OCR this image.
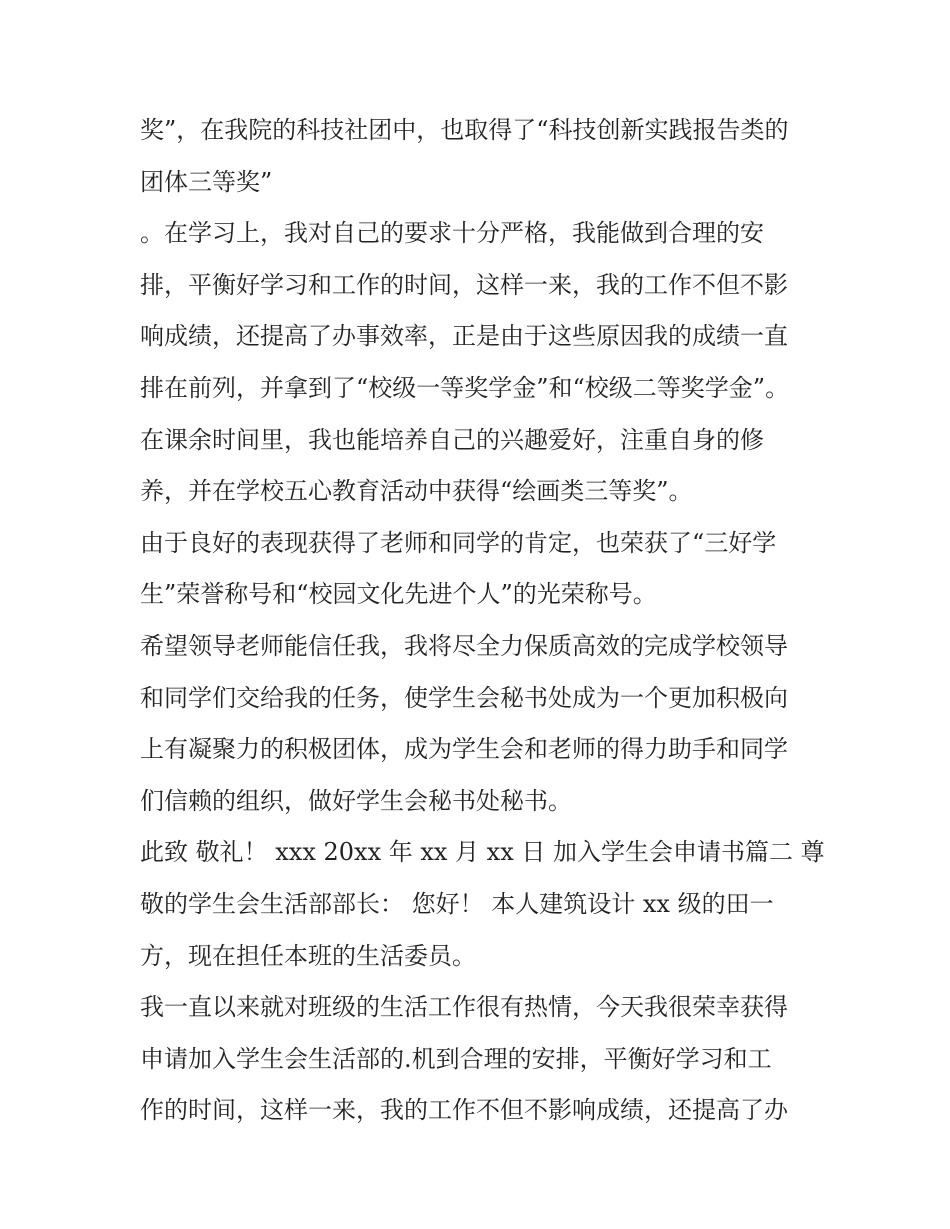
奖”，在我院的科技社团中，也取得了“科技创新实践报告类的
团体三等奖”
。在学习上，我对自己的要求十分严格，我能做到合理的安
排，平衡好学习和工作的时间，这样一来，我的工作不但不影
响成绩，还提高了办事效率，正是由于这些原因我的成绩一直
排在前列，并拿到了“校级一等奖学金”和“校级二等奖学金”。
在课余时间里，我也能培养自己的兴趣爱好，注重自身的修
养，并在学校五心教育活动中获得“绘画类三等奖”。
由于良好的表现获得了老师和同学的肯定，也荣获了“三好学
生”荣誉称号和“校园文化先进个人”的光荣称号。
希望领导老师能信任我，我将尽全力保质高效的完成学校领导
和同学们交给我的任务，使学生会秘书处成为一个更加积极向
上有凝聚力的积极团体，成为学生会和老师的得力助手和同学
们信赖的组织，做好学生会秘书处秘书。
此致 敬礼！ xxx 20xx 年 xx 月 xx 日 加入学生会申请书篇二 尊
敬的学生会生活部部长： 您好！ 本人建筑设计 xx 级的田一
方，现在担任本班的生活委员。
我一直以来就对班级的生活工作很有热情，今天我很荣幸获得
申请加入学生会生活部的.机到合理的安排，平衡好学习和工
作的时间，这样一来，我的工作不但不影响成绩，还提高了办
